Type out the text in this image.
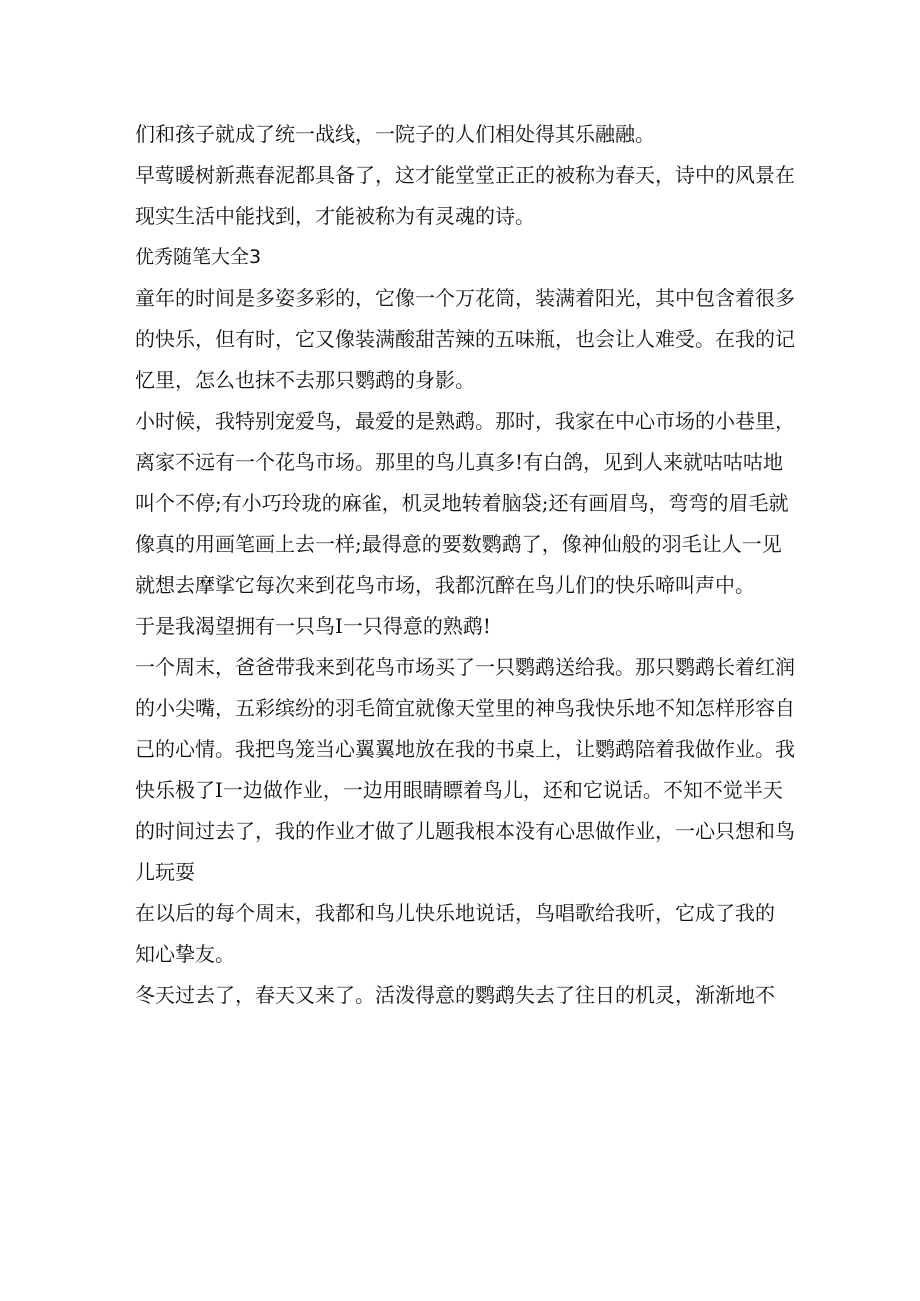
们和孩子就成了统一战线，一院子的人们相处得其乐融融。
早莺暖树新燕春泥都具备了，这才能堂堂正正的被称为春天，诗中的风景在
现实生活中能找到，才能被称为有灵魂的诗。
优秀随笔大全3
童年的时间是多姿多彩的，它像一个万花筒，装满着阳光，其中包含着很多
的快乐，但有时，它又像装满酸甜苦辣的五味瓶，也会让人难受。在我的记
忆里，怎么也抹不去那只鹦鹉的身影。
小时候，我特别宠爱鸟，最爱的是熟鹉。那时，我家在中心市场的小巷里，
离家不远有一个花鸟市场。那里的鸟儿真多!有白鸽，见到人来就咕咕咕地
叫个不停;有小巧玲珑的麻雀，机灵地转着脑袋;还有画眉鸟，弯弯的眉毛就
像真的用画笔画上去一样;最得意的要数鹦鹉了，像神仙般的羽毛让人一见
就想去摩挲它每次来到花鸟市场，我都沉醉在鸟儿们的快乐啼叫声中。
于是我渴望拥有一只鸟I一只得意的熟鹉!
一个周末，爸爸带我来到花鸟市场买了一只鹦鹉送给我。那只鹦鹉长着红润
的小尖嘴，五彩缤纷的羽毛简宜就像天堂里的神鸟我快乐地不知怎样形容自
己的心情。我把鸟笼当心翼翼地放在我的书桌上，让鹦鹉陪着我做作业。我
快乐极了I一边做作业，一边用眼睛瞟着鸟儿，还和它说话。不知不觉半天
的时间过去了，我的作业才做了儿题我根本没有心思做作业，一心只想和鸟
儿玩耍
在以后的每个周末，我都和鸟儿快乐地说话，鸟唱歌给我听，它成了我的
知心挚友。
冬天过去了，春天又来了。活泼得意的鹦鹉失去了往日的机灵，渐渐地不
